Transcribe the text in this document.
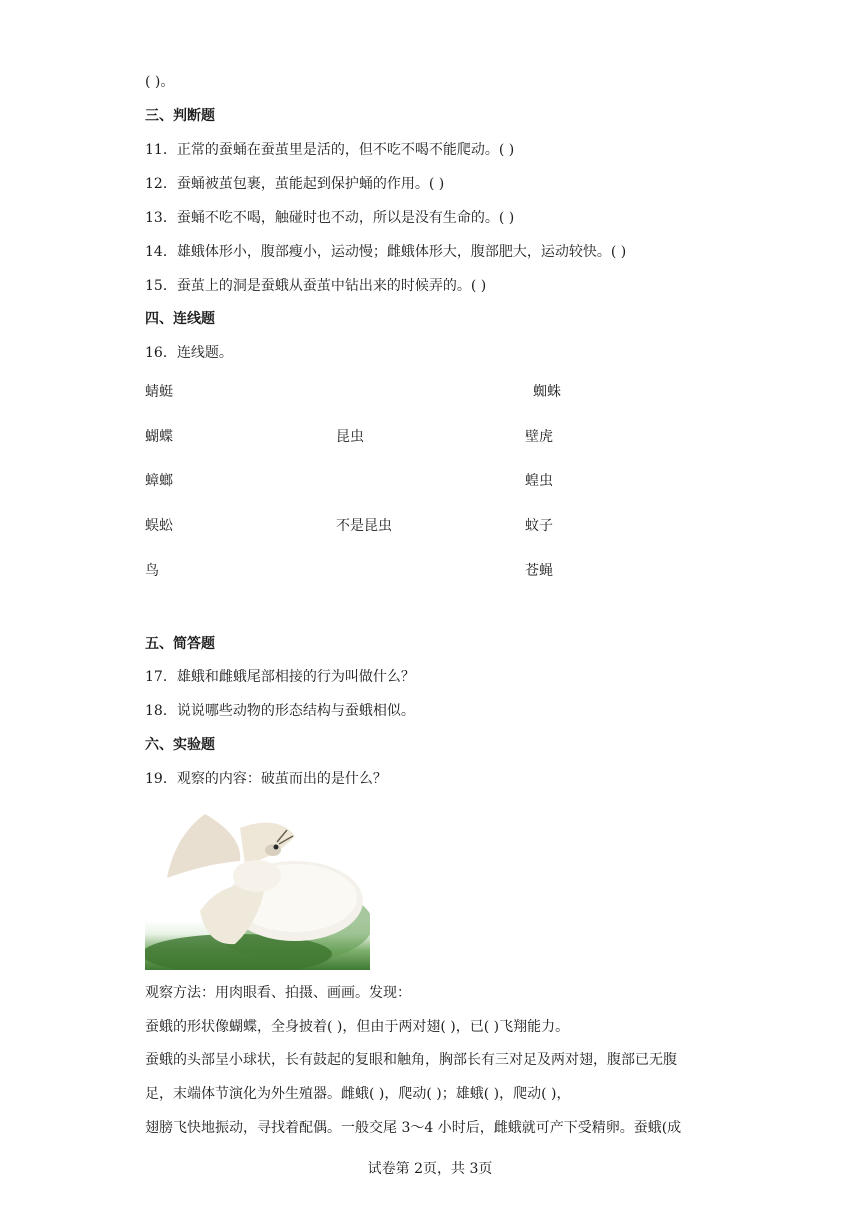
( )。
三、判断题
11．正常的蚕蛹在蚕茧里是活的，但不吃不喝不能爬动。( )
12．蚕蛹被茧包裹，茧能起到保护蛹的作用。( )
13．蚕蛹不吃不喝，触碰时也不动，所以是没有生命的。( )
14．雄蛾体形小，腹部瘦小，运动慢；雌蛾体形大，腹部肥大，运动较快。( )
15．蚕茧上的洞是蚕蛾从蚕茧中钻出来的时候弄的。( )
四、连线题
16．连线题。
蜻蜓
蝴蝶
蟑螂
蜈蚣
鸟
昆虫
不是昆虫
蜘蛛
壁虎
蝗虫
蚊子
苍蝇
五、简答题
17．雄蛾和雌蛾尾部相接的行为叫做什么？
18．说说哪些动物的形态结构与蚕蛾相似。
六、实验题
19．观察的内容：破茧而出的是什么？
观察方法：用肉眼看、拍摄、画画。发现：
蚕蛾的形状像蝴蝶，全身披着( )，但由于两对翅( )，已( )飞翔能力。
蚕蛾的头部呈小球状，长有鼓起的复眼和触角，胸部长有三对足及两对翅，腹部已无腹
足，末端体节演化为外生殖器。雌蛾( )，爬动( )；雄蛾( )，爬动( )，
翅膀飞快地振动，寻找着配偶。一般交尾 3～4 小时后，雌蛾就可产下受精卵。蚕蛾(成
试卷第 2页，共 3页
